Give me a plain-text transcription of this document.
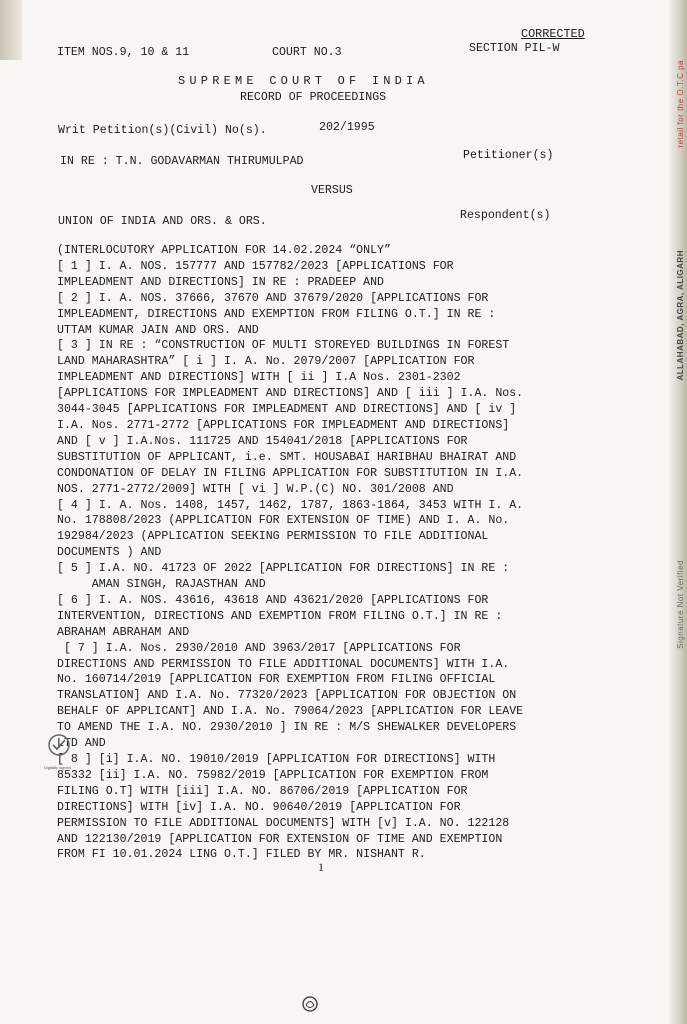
retail for the O.T.C pa
ALLAHABAD, AGRA, ALIGARH
Signature Not Verified
CORRECTED
ITEM NOS.9, 10 & 11	COURT NO.3	SECTION PIL-W
SUPREME COURT OF INDIA
RECORD OF PROCEEDINGS
Writ Petition(s)(Civil) No(s).	202/1995
IN RE : T.N. GODAVARMAN THIRUMULPAD	Petitioner(s)
VERSUS
UNION OF INDIA AND ORS. & ORS.	Respondent(s)
(INTERLOCUTORY APPLICATION FOR 14.02.2024 “ONLY”
[ 1 ] I. A. NOS. 157777 AND 157782/2023 [APPLICATIONS FOR
IMPLEADMENT AND DIRECTIONS] IN RE : PRADEEP AND
[ 2 ] I. A. NOS. 37666, 37670 AND 37679/2020 [APPLICATIONS FOR
IMPLEADMENT, DIRECTIONS AND EXEMPTION FROM FILING O.T.] IN RE :
UTTAM KUMAR JAIN AND ORS. AND
[ 3 ] IN RE : “CONSTRUCTION OF MULTI STOREYED BUILDINGS IN FOREST
LAND MAHARASHTRA” [ i ] I. A. No. 2079/2007 [APPLICATION FOR
IMPLEADMENT AND DIRECTIONS] WITH [ ii ] I.A Nos. 2301-2302
[APPLICATIONS FOR IMPLEADMENT AND DIRECTIONS] AND [ iii ] I.A. Nos.
3044-3045 [APPLICATIONS FOR IMPLEADMENT AND DIRECTIONS] AND [ iv ]
I.A. Nos. 2771-2772 [APPLICATIONS FOR IMPLEADMENT AND DIRECTIONS]
AND [ v ] I.A.Nos. 111725 AND 154041/2018 [APPLICATIONS FOR
SUBSTITUTION OF APPLICANT, i.e. SMT. HOUSABAI HARIBHAU BHAIRAT AND
CONDONATION OF DELAY IN FILING APPLICATION FOR SUBSTITUTION IN I.A.
NOS. 2771-2772/2009] WITH [ vi ] W.P.(C) NO. 301/2008 AND
[ 4 ] I. A. Nos. 1408, 1457, 1462, 1787, 1863-1864, 3453 WITH I. A.
No. 178808/2023 (APPLICATION FOR EXTENSION OF TIME) AND I. A. No.
192984/2023 (APPLICATION SEEKING PERMISSION TO FILE ADDITIONAL
DOCUMENTS ) AND
[ 5 ] I.A. NO. 41723 OF 2022 [APPLICATION FOR DIRECTIONS] IN RE :
AMAN SINGH, RAJASTHAN AND
[ 6 ] I. A. NOS. 43616, 43618 AND 43621/2020 [APPLICATIONS FOR
INTERVENTION, DIRECTIONS AND EXEMPTION FROM FILING O.T.] IN RE :
ABRAHAM ABRAHAM AND
[ 7 ] I.A. Nos. 2930/2010 AND 3963/2017 [APPLICATIONS FOR
DIRECTIONS AND PERMISSION TO FILE ADDITIONAL DOCUMENTS] WITH I.A.
No. 160714/2019 [APPLICATION FOR EXEMPTION FROM FILING OFFICIAL
TRANSLATION] AND I.A. No. 77320/2023 [APPLICATION FOR OBJECTION ON
BEHALF OF APPLICANT] AND I.A. No. 79064/2023 [APPLICATION FOR LEAVE
TO AMEND THE I.A. NO. 2930/2010 ] IN RE : M/S SHEWALKER DEVELOPERS
LTD AND
[ 8 ] [i] I.A. NO. 19010/2019 [APPLICATION FOR DIRECTIONS] WITH
85332 [ii] I.A. NO. 75982/2019 [APPLICATION FOR EXEMPTION FROM
FILING O.T] WITH [iii] I.A. NO. 86706/2019 [APPLICATION FOR
DIRECTIONS] WITH [iv] I.A. NO. 90640/2019 [APPLICATION FOR
PERMISSION TO FILE ADDITIONAL DOCUMENTS] WITH [v] I.A. NO. 122128
AND 122130/2019 [APPLICATION FOR EXTENSION OF TIME AND EXEMPTION
FROM FI 10.01.2024 LING O.T.] FILED BY MR. NISHANT R.
Digitally signed
1
